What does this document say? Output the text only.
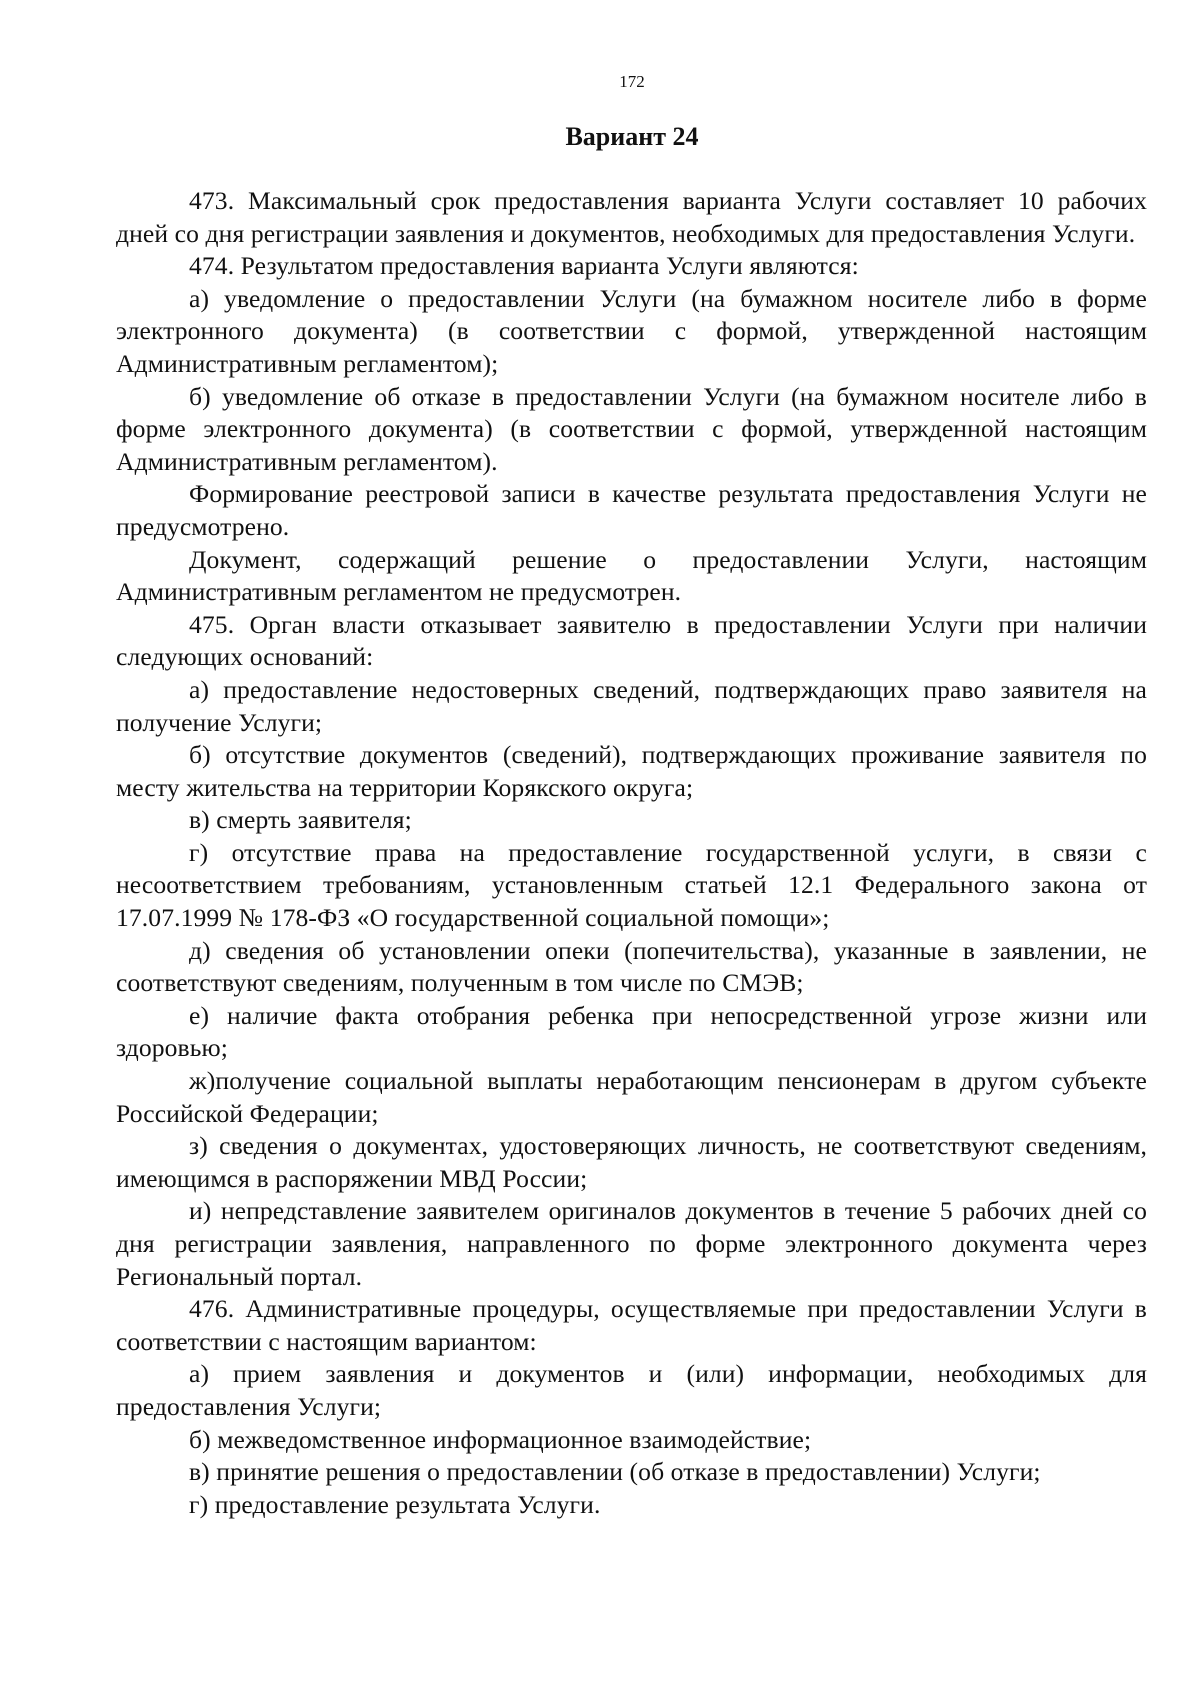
172
Вариант 24

473. Максимальный срок предоставления варианта Услуги составляет 10 рабочих дней со дня регистрации заявления и документов, необходимых для предоставления Услуги.

474. Результатом предоставления варианта Услуги являются:

а) уведомление о предоставлении Услуги (на бумажном носителе либо в форме электронного документа) (в соответствии с формой, утвержденной настоящим Административным регламентом);

б) уведомление об отказе в предоставлении Услуги (на бумажном носителе либо в форме электронного документа) (в соответствии с формой, утвержденной настоящим Административным регламентом).

Формирование реестровой записи в качестве результата предоставления Услуги не предусмотрено.

Документ, содержащий решение о предоставлении Услуги, настоящим Административным регламентом не предусмотрен.

475. Орган власти отказывает заявителю в предоставлении Услуги при наличии следующих оснований:

а) предоставление недостоверных сведений, подтверждающих право заявителя на получение Услуги;

б) отсутствие документов (сведений), подтверждающих проживание заявителя по месту жительства на территории Корякского округа;

в) смерть заявителя;

г) отсутствие права на предоставление государственной услуги, в связи с несоответствием требованиям, установленным статьей 12.1 Федерального закона от 17.07.1999 № 178-ФЗ «О государственной социальной помощи»;

д) сведения об установлении опеки (попечительства), указанные в заявлении, не соответствуют сведениям, полученным в том числе по СМЭВ;

е) наличие факта отобрания ребенка при непосредственной угрозе жизни или здоровью;

ж)получение социальной выплаты неработающим пенсионерам в другом субъекте Российской Федерации;

з) сведения о документах, удостоверяющих личность, не соответствуют сведениям, имеющимся в распоряжении МВД России;

и) непредставление заявителем оригиналов документов в течение 5 рабочих дней со дня регистрации заявления, направленного по форме электронного документа через Региональный портал.

476. Административные процедуры, осуществляемые при предоставлении Услуги в соответствии с настоящим вариантом:

а) прием заявления и документов и (или) информации, необходимых для предоставления Услуги;

б) межведомственное информационное взаимодействие;

в) принятие решения о предоставлении (об отказе в предоставлении) Услуги;

г) предоставление результата Услуги.
